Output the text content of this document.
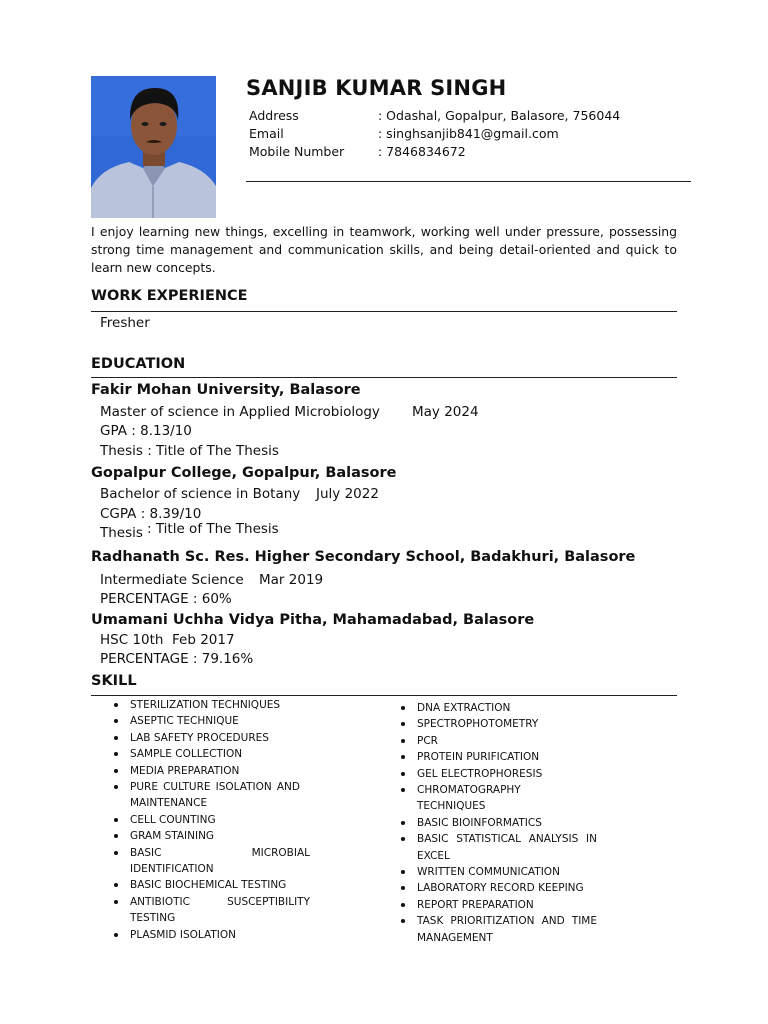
SANJIB KUMAR SINGH
Address	: Odashal, Gopalpur, Balasore, 756044
Email	: singhsanjib841@gmail.com
Mobile Number	: 7846834672
I enjoy learning new things, excelling in teamwork, working well under pressure, possessing strong time management and communication skills, and being detail-oriented and quick to learn new concepts.
WORK EXPERIENCE
Fresher
EDUCATION
Fakir Mohan University, Balasore
Master of science in Applied Microbiology May 2024
GPA : 8.13/10
Thesis : Title of The Thesis
Gopalpur College, Gopalpur, Balasore
Bachelor of science in Botany July 2022
CGPA : 8.39/10
Thesis : Title of The Thesis
Radhanath Sc. Res. Higher Secondary School, Badakhuri, Balasore
Intermediate Science Mar 2019
PERCENTAGE : 60%
Umamani Uchha Vidya Pitha, Mahamadabad, Balasore
HSC 10th Feb 2017
PERCENTAGE : 79.16%
SKILL
STERILIZATION TECHNIQUES
ASEPTIC TECHNIQUE
LAB SAFETY PROCEDURES
SAMPLE COLLECTION
MEDIA PREPARATION
PURE CULTURE ISOLATION AND MAINTENANCE
CELL COUNTING
GRAM STAINING
BASIC MICROBIAL IDENTIFICATION
BASIC BIOCHEMICAL TESTING
ANTIBIOTIC SUSCEPTIBILITY TESTING
PLASMID ISOLATION
DNA EXTRACTION
SPECTROPHOTOMETRY
PCR
PROTEIN PURIFICATION
GEL ELECTROPHORESIS
CHROMATOGRAPHY TECHNIQUES
BASIC BIOINFORMATICS
BASIC STATISTICAL ANALYSIS IN EXCEL
WRITTEN COMMUNICATION
LABORATORY RECORD KEEPING
REPORT PREPARATION
TASK PRIORITIZATION AND TIME MANAGEMENT
